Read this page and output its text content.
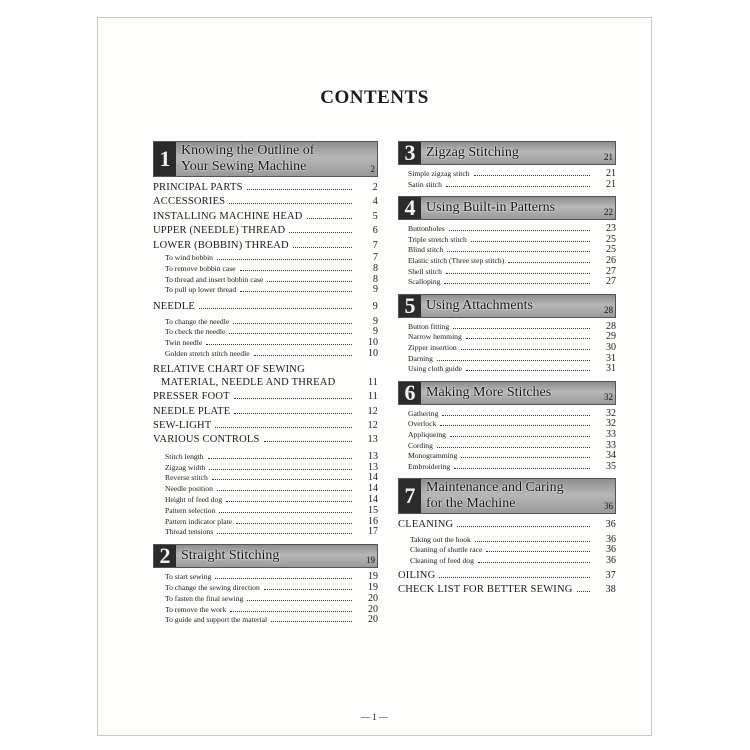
CONTENTS
1 Knowing the Outline of
Your Sewing Machine	2
PRINCIPAL PARTS	2
ACCESSORIES	4
INSTALLING MACHINE HEAD	5
UPPER (NEEDLE) THREAD	6
LOWER (BOBBIN) THREAD	7
To wind bobbin	7
To remove bobbin case	8
To thread and insert bobbin case	8
To pull up lower thread	9
NEEDLE	9
To change the needle	9
To check the needle	9
Twin needle	10
Golden stretch stitch needle	10
RELATIVE CHART OF SEWING
MATERIAL, NEEDLE AND THREAD	11
PRESSER FOOT	11
NEEDLE PLATE	12
SEW-LIGHT	12
VARIOUS CONTROLS	13
Stitch length	13
Zigzag width	13
Reverse stitch	14
Needle position	14
Height of feed dog	14
Pattern selection	15
Pattern indicator plate	16
Thread tensions	17
2 Straight Stitching	19
To start sewing	19
To change the sewing direction	19
To fasten the final sewing	20
To remove the work	20
To guide and support the material	20
3 Zigzag Stitching	21
Simple zigzag stitch	21
Satin stitch	21
4 Using Built-in Patterns	22
Buttonholes	23
Triple stretch stitch	25
Blind stitch	25
Elastic stitch (Three step stitch)	26
Shell stitch	27
Scalloping	27
5 Using Attachments	28
Button fitting	28
Narrow hemming	29
Zipper insertion	30
Darning	31
Using cloth guide	31
6 Making More Stitches	32
Gathering	32
Overlock	32
Appliqueing	33
Cording	33
Monogramming	34
Embroidering	35
7 Maintenance and Caring
for the Machine	36
CLEANING	36
Taking out the hook	36
Cleaning of shuttle race	36
Cleaning of feed dog	36
OILING	37
CHECK LIST FOR BETTER SEWING	38
— 1 —
